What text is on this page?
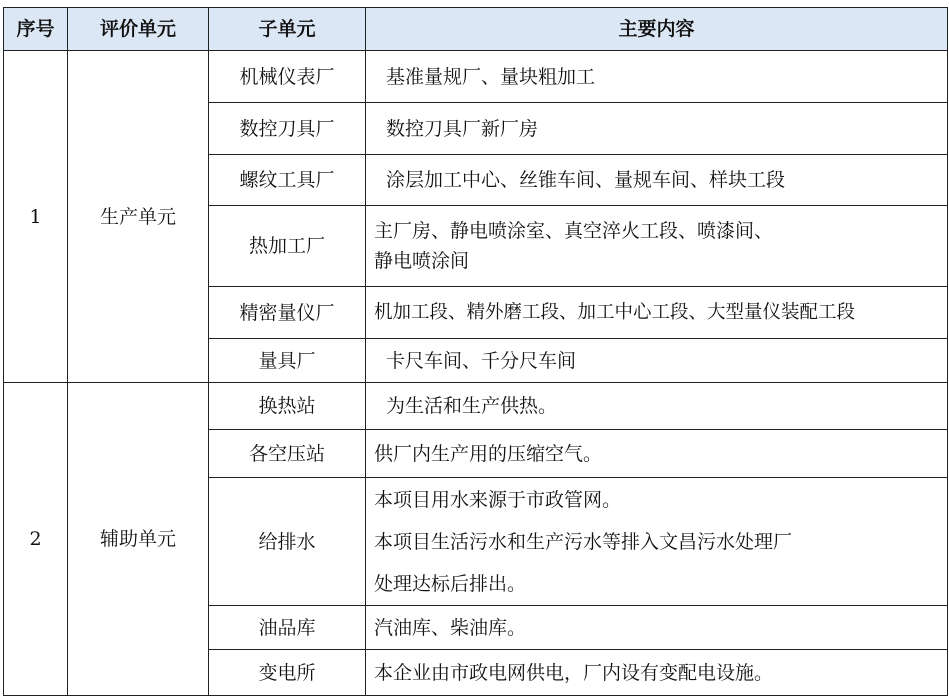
序号	评价单元	子单元	主要内容
1	生产单元	机械仪表厂	基准量规厂、量块粗加工

		数控刀具厂	数控刀具厂新厂房

		螺纹工具厂	涂层加工中心、丝锥车间、量规车间、样块工段

		热加工厂	主厂房、静电喷涂室、真空淬火工段、喷漆间、
静电喷涂间

		精密量仪厂	机加工段、精外磨工段、加工中心工段、大型量仪装配工段

		量具厂	卡尺车间、千分尺车间

2	辅助单元	换热站	为生活和生产供热。

		各空压站	供厂内生产用的压缩空气。

		给排水	本项目用水来源于市政管网。
本项目生活污水和生产污水等排入文昌污水处理厂
处理达标后排出。

		油品库	汽油库、柴油库。

		变电所	本企业由市政电网供电，厂内设有变配电设施。
